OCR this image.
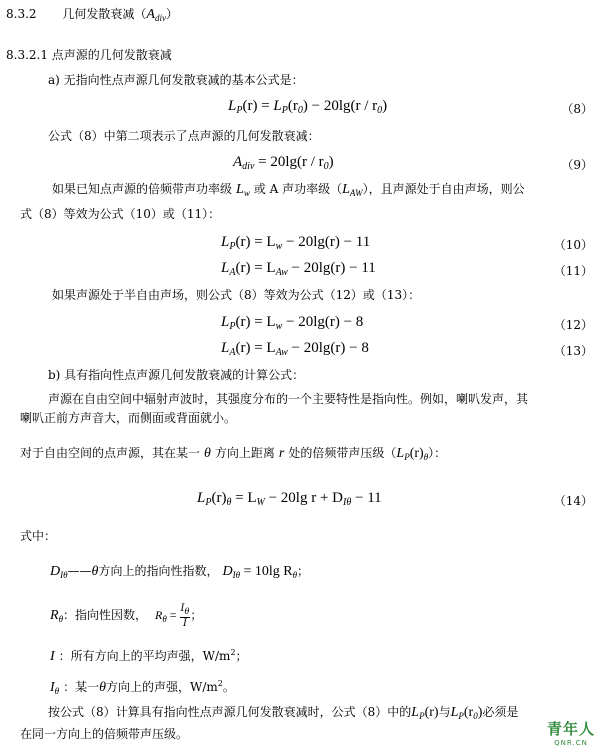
8.3.2 几何发散衰减$(A_{div})$
8.3.2.1 点声源的几何发散衰减
a) 无指向性点声源几何发散衰减的基本公式是：
$L_P(r) = L_P(r_0) - 20\lg(r / r_0)$	（8）
公式（8）中第二项表示了点声源的几何发散衰减：
$A_{div} = 20\lg(r / r_0)$	（9）
如果已知点声源的倍频带声功率级 $L_w$ 或 A 声功率级$(L_{AW})$，且声源处于自由声场，则公
式（8）等效为公式（10）或（11）：
$L_P(r) = L_w - 20\lg(r) - 11$	（10）
$L_A(r) = L_{Aw} - 20\lg(r) - 11$	（11）
如果声源处于半自由声场，则公式（8）等效为公式（12）或（13）：
$L_P(r) = L_w - 20\lg(r) - 8$	（12）
$L_A(r) = L_{Aw} - 20\lg(r) - 8$	（13）
b) 具有指向性点声源几何发散衰减的计算公式：
声源在自由空间中辐射声波时，其强度分布的一个主要特性是指向性。例如，喇叭发声，其
喇叭正前方声音大，而侧面或背面就小。
对于自由空间的点声源，其在某一 θ 方向上距离 r 处的倍频带声压级$(L_P(r)_\theta)$：
$L_P(r)_\theta = L_W - 20\lg$ $r + D_{I\theta} - 11$	（14）
式中：
$D_{I\theta}——\theta$方向上的指向性指数， $D_{I\theta} = 10\lg$ $R_\theta$；
$R_\theta$：指向性因数， $R_\theta = \frac{I_\theta}{I}$ ；
I ：所有方向上的平均声强，$W/m^2$；
$I_\theta$ ：某一θ方向上的声强，$W/m^2$。
按公式（8）计算具有指向性点声源几何发散衰减时，公式（8）中的$L_P(r)$与$L_P(r_0)$必须是
在同一方向上的倍频带声压级。	青年人
QNR.CN
